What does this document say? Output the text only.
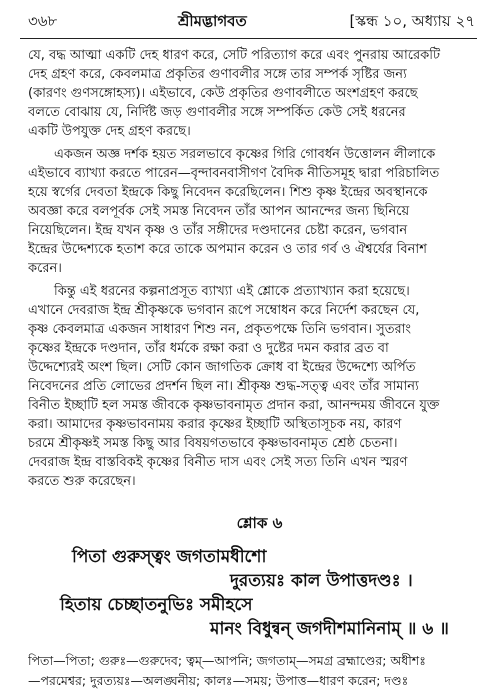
৩৬৮	শ্রীমদ্ভাগবত	[স্কন্ধ ১০, অধ্যায় ২৭

যে, বদ্ধ আত্মা একটি দেহ ধারণ করে, সেটি পরিত্যাগ করে এবং পুনরায় আরেকটি

দেহ গ্রহণ করে, কেবলমাত্র প্রকৃতির গুণাবলীর সঙ্গে তার সম্পর্ক সৃষ্টির জন্য

(কারণং গুণসঙ্গোহস্য)। এইভাবে, কেউ প্রকৃতির গুণাবলীতে অংশগ্রহণ করছে

বলতে বোঝায় যে, নির্দিষ্ট জড় গুণাবলীর সঙ্গে সম্পর্কিত কেউ সেই ধরনের

একটি উপযুক্ত দেহ গ্রহণ করছে।

একজন অজ্ঞ দর্শক হয়ত সরলভাবে কৃষ্ণের গিরি গোবর্ধন উত্তোলন লীলাকে

এইভাবে ব্যাখ্যা করতে পারেন—বৃন্দাবনবাসীগণ বৈদিক নীতিসমূহ দ্বারা পরিচালিত

হয়ে স্বর্গের দেবতা ইন্দ্রকে কিছু নিবেদন করেছিলেন। শিশু কৃষ্ণ ইন্দ্রের অবস্থানকে

অবজ্ঞা করে বলপূর্বক সেই সমস্ত নিবেদন তাঁর আপন আনন্দের জন্য ছিনিয়ে

নিয়েছিলেন। ইন্দ্র যখন কৃষ্ণ ও তাঁর সঙ্গীদের দণ্ডদানের চেষ্টা করেন, ভগবান

ইন্দ্রের উদ্দেশ্যকে হতাশ করে তাকে অপমান করেন ও তার গর্ব ও ঐশ্বর্যের বিনাশ

করেন।

কিন্তু এই ধরনের কল্পনাপ্রসূত ব্যাখ্যা এই শ্লোকে প্রত্যাখ্যান করা হয়েছে।

এখানে দেবরাজ ইন্দ্র শ্রীকৃষ্ণকে ভগবান রূপে সম্বোধন করে নির্দেশ করছেন যে,

কৃষ্ণ কেবলমাত্র একজন সাধারণ শিশু নন, প্রকৃতপক্ষে তিনি ভগবান। সুতরাং

কৃষ্ণের ইন্দ্রকে দণ্ডদান, তাঁর ধর্মকে রক্ষা করা ও দুষ্টের দমন করার ব্রত বা

উদ্দেশ্যেরই অংশ ছিল। সেটি কোন জাগতিক ক্রোধ বা ইন্দ্রের উদ্দেশ্যে অর্পিত

নিবেদনের প্রতি লোভের প্রদর্শন ছিল না। শ্রীকৃষ্ণ শুদ্ধ-সত্ত্ব এবং তাঁর সামান্য

বিনীত ইচ্ছাটি হল সমস্ত জীবকে কৃষ্ণভাবনামৃত প্রদান করা, আনন্দময় জীবনে যুক্ত

করা। আমাদের কৃষ্ণভাবনাময় করার কৃষ্ণের ইচ্ছাটি অস্থিতাসূচক নয়, কারণ

চরমে শ্রীকৃষ্ণই সমস্ত কিছু আর বিষয়গতভাবে কৃষ্ণভাবনামৃত শ্রেষ্ঠ চেতনা।

দেবরাজ ইন্দ্র বাস্তবিকই কৃষ্ণের বিনীত দাস এবং সেই সত্য তিনি এখন স্মরণ

করতে শুরু করেছেন।

শ্লোক ৬

পিতা গুরুস্ত্বং জগতামধীশো

দুরত্যয়ঃ কাল উপাত্তদণ্ডঃ ।

হিতায় চেচ্ছাতনুভিঃ সমীহসে

মানং বিধুন্বন্ জগদীশমানিনাম্ ॥ ৬ ॥

পিতা—পিতা; গুরুঃ—গুরুদেব; ত্বম্—আপনি; জগতাম্—সমগ্র ব্রহ্মাণ্ডের; অধীশঃ

—পরমেশ্বর; দুরত্যয়ঃ—অলঙ্ঘনীয়; কালঃ—সময়; উপাত্ত—ধারণ করেন; দণ্ডঃ
